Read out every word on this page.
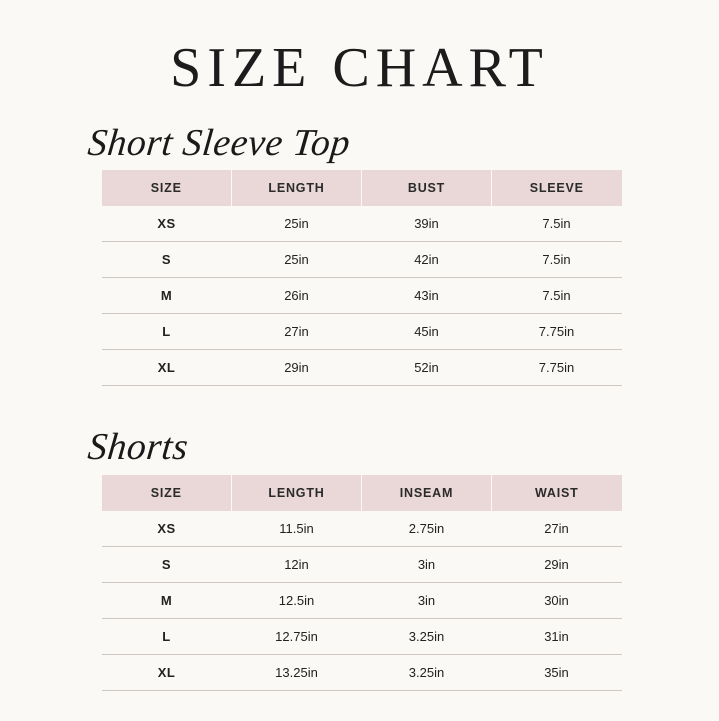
SIZE CHART
Short Sleeve Top
SIZE	LENGTH	BUST	SLEEVE
XS	25in	39in	7.5in
S	25in	42in	7.5in
M	26in	43in	7.5in
L	27in	45in	7.75in
XL	29in	52in	7.75in
Shorts
SIZE	LENGTH	INSEAM	WAIST
XS	11.5in	2.75in	27in
S	12in	3in	29in
M	12.5in	3in	30in
L	12.75in	3.25in	31in
XL	13.25in	3.25in	35in
